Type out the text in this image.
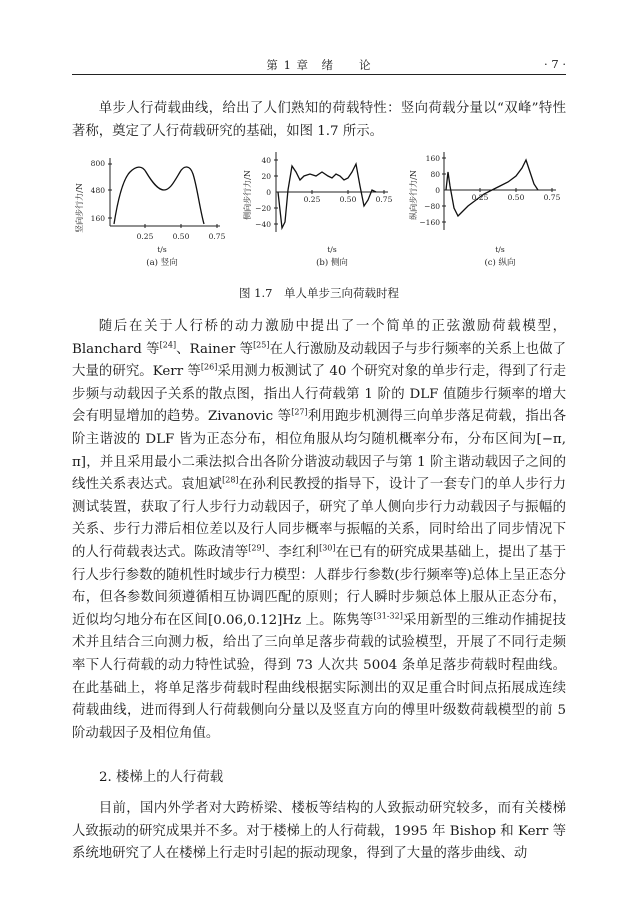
第 1 章　绪　　论	· 7 ·

单步人行荷载曲线，给出了人们熟知的荷载特性：竖向荷载分量以“双峰”特性著称，奠定了人行荷载研究的基础，如图 1.7 所示。

竖向步行力/N
800
480
160
0.25	0.50	0.75
t/s
(a) 竖向
侧向步行力/N
40
20
0
−20
−40
0.25	0.50	0.75
t/s
(b) 侧向
纵向步行力/N
160
80
0
−80
−160
0.25	0.50	0.75
t/s
(c) 纵向
图 1.7　单人单步三向荷载时程

随后在关于人行桥的动力激励中提出了一个简单的正弦激励荷载模型，Blanchard 等[24]、Rainer 等[25]在人行激励及动载因子与步行频率的关系上也做了大量的研究。Kerr 等[26]采用测力板测试了 40 个研究对象的单步行走，得到了行走步频与动载因子关系的散点图，指出人行荷载第 1 阶的 DLF 值随步行频率的增大会有明显增加的趋势。Zivanovic 等[27]利用跑步机测得三向单步落足荷载，指出各阶主谐波的 DLF 皆为正态分布，相位角服从均匀随机概率分布，分布区间为[−π, π]，并且采用最小二乘法拟合出各阶分谐波动载因子与第 1 阶主谐动载因子之间的线性关系表达式。袁旭斌[28]在孙利民教授的指导下，设计了一套专门的单人步行力测试装置，获取了行人步行力动载因子，研究了单人侧向步行力动载因子与振幅的关系、步行力滞后相位差以及行人同步概率与振幅的关系，同时给出了同步情况下的人行荷载表达式。陈政清等[29]、李红利[30]在已有的研究成果基础上，提出了基于行人步行参数的随机性时域步行力模型：人群步行参数(步行频率等)总体上呈正态分布，但各参数间须遵循相互协调匹配的原则；行人瞬时步频总体上服从正态分布，近似均匀地分布在区间[0.06,0.12]Hz 上。陈隽等[31-32]采用新型的三维动作捕捉技术并且结合三向测力板，给出了三向单足落步荷载的试验模型，开展了不同行走频率下人行荷载的动力特性试验，得到 73 人次共 5004 条单足落步荷载时程曲线。在此基础上，将单足落步荷载时程曲线根据实际测出的双足重合时间点拓展成连续荷载曲线，进而得到人行荷载侧向分量以及竖直方向的傅里叶级数荷载模型的前 5 阶动载因子及相位角值。

2. 楼梯上的人行荷载

目前，国内外学者对大跨桥梁、楼板等结构的人致振动研究较多，而有关楼梯人致振动的研究成果并不多。对于楼梯上的人行荷载，1995 年 Bishop 和 Kerr 等系统地研究了人在楼梯上行走时引起的振动现象，得到了大量的落步曲线、动
